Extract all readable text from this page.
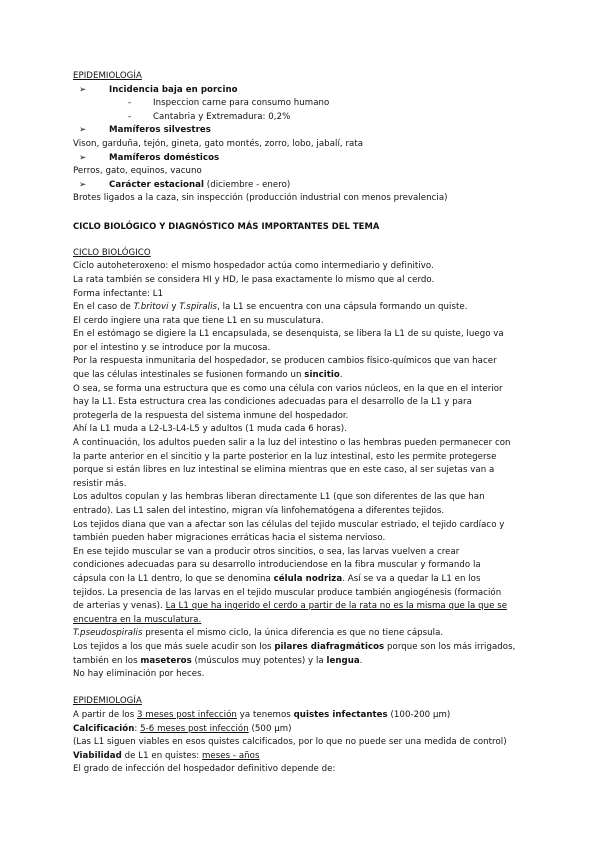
EPIDEMIOLOGÍA
➢	Incidencia baja en porcino
-	Inspeccion carne para consumo humano
-	Cantabria y Extremadura: 0,2%
➢	Mamíferos silvestres
Vison, garduña, tejón, gineta, gato montés, zorro, lobo, jabalí, rata
➢	Mamíferos domésticos
Perros, gato, equinos, vacuno
➢	Carácter estacional (diciembre - enero)
Brotes ligados a la caza, sin inspección (producción industrial con menos prevalencia)
CICLO BIOLÓGICO Y DIAGNÓSTICO MÁS IMPORTANTES DEL TEMA
CICLO BIOLÓGICO
Ciclo autoheteroxeno: el mismo hospedador actúa como intermediario y definitivo.
La rata también se considera HI y HD, le pasa exactamente lo mismo que al cerdo.
Forma infectante: L1
En el caso de T.britovi y T.spiralis, la L1 se encuentra con una cápsula formando un quiste.
El cerdo ingiere una rata que tiene L1 en su musculatura.
En el estómago se digiere la L1 encapsulada, se desenquista, se libera la L1 de su quiste, luego va
por el intestino y se introduce por la mucosa.
Por la respuesta inmunitaria del hospedador, se producen cambios físico-químicos que van hacer
que las células intestinales se fusionen formando un sincitio.
O sea, se forma una estructura que es como una célula con varios núcleos, en la que en el interior
hay la L1. Esta estructura crea las condiciones adecuadas para el desarrollo de la L1 y para
protegerla de la respuesta del sistema inmune del hospedador.
Ahí la L1 muda a L2-L3-L4-L5 y adultos (1 muda cada 6 horas).
A continuación, los adultos pueden salir a la luz del intestino o las hembras pueden permanecer con
la parte anterior en el sincitio y la parte posterior en la luz intestinal, esto les permite protegerse
porque si están libres en luz intestinal se elimina mientras que en este caso, al ser sujetas van a
resistir más.
Los adultos copulan y las hembras liberan directamente L1 (que son diferentes de las que han
entrado). Las L1 salen del intestino, migran vía linfohematógena a diferentes tejidos.
Los tejidos diana que van a afectar son las células del tejido muscular estriado, el tejido cardíaco y
también pueden haber migraciones erráticas hacia el sistema nervioso.
En ese tejido muscular se van a producir otros sincitios, o sea, las larvas vuelven a crear
condiciones adecuadas para su desarrollo introduciendose en la fibra muscular y formando la
cápsula con la L1 dentro, lo que se denomina célula nodriza. Así se va a quedar la L1 en los
tejidos. La presencia de las larvas en el tejido muscular produce también angiogénesis (formación
de arterias y venas). La L1 que ha ingerido el cerdo a partir de la rata no es la misma que la que se
encuentra en la musculatura.
T.pseudospiralis presenta el mismo ciclo, la única diferencia es que no tiene cápsula.
Los tejidos a los que más suele acudir son los pilares diafragmáticos porque son los más irrigados,
también en los maseteros (músculos muy potentes) y la lengua.
No hay eliminación por heces.
EPIDEMIOLOGÍA
A partir de los 3 meses post infección ya tenemos quistes infectantes (100-200 µm)
Calcificación: 5-6 meses post infección (500 µm)
(Las L1 siguen viables en esos quistes calcificados, por lo que no puede ser una medida de control)
Viabilidad de L1 en quistes: meses - años
El grado de infección del hospedador definitivo depende de:
